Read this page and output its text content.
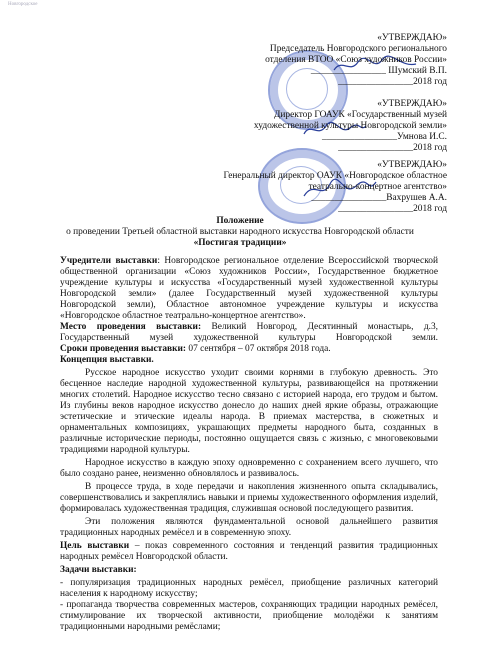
Новгородское
«УТВЕРЖДАЮ»
Председатель Новгородского регионального
отделения ВТОО «Союз художников России»
________________ Шумский В.П.
________________2018 год
«УТВЕРЖДАЮ»
Директор ГОАУК «Государственный музей
художественной культуры Новгородской земли»
________________Умнова И.С.
________________2018 год
«УТВЕРЖДАЮ»
Генеральный директор ОАУК «Новгородское областное
театрально-концертное агентство»
________________Вахрушев А.А.
________________2018 год
Положение
о проведении Третьей областной выставки народного искусства Новгородской области
«Постигая традиции»
Учредители выставки: Новгородское региональное отделение Всероссийской творческой
общественной организации «Союз художников России», Государственное бюджетное
учреждение культуры и искусства «Государственный музей художественной культуры
Новгородской земли» (далее Государственный музей художественной культуры
Новгородской земли), Областное автономное учреждение культуры и искусства
«Новгородское областное театрально-концертное агентство».
Место проведения выставки: Великий Новгород, Десятинный монастырь, д.3,
Государственный музей художественной культуры Новгородской земли.
Сроки проведения выставки: 07 сентября – 07 октября 2018 года.
Концепция выставки.
Русское народное искусство уходит своими корнями в глубокую древность. Это
бесценное наследие народной художественной культуры, развивающейся на протяжении
многих столетий. Народное искусство тесно связано с историей народа, его трудом и бытом.
Из глубины веков народное искусство донесло до наших дней яркие образы, отражающие
эстетические и этические идеалы народа. В приемах мастерства, в сюжетных и
орнаментальных композициях, украшающих предметы народного быта, созданных в
различные исторические периоды, постоянно ощущается связь с жизнью, с многовековыми
традициями народной культуры.
Народное искусство в каждую эпоху одновременно с сохранением всего лучшего, что
было создано ранее, неизменно обновлялось и развивалось.
В процессе труда, в ходе передачи и накопления жизненного опыта складывались,
совершенствовались и закреплялись навыки и приемы художественного оформления изделий,
формировалась художественная традиция, служившая основой последующего развития.
Эти положения являются фундаментальной основой дальнейшего развития
традиционных народных ремёсел и в современную эпоху.
Цель выставки – показ современного состояния и тенденций развития традиционных
народных ремёсел Новгородской области.
Задачи выставки:
- популяризация традиционных народных ремёсел, приобщение различных категорий
населения к народному искусству;
- пропаганда творчества современных мастеров, сохраняющих традиции народных ремёсел,
стимулирование их творческой активности, приобщение молодёжи к занятиям
традиционными народными ремёслами;
